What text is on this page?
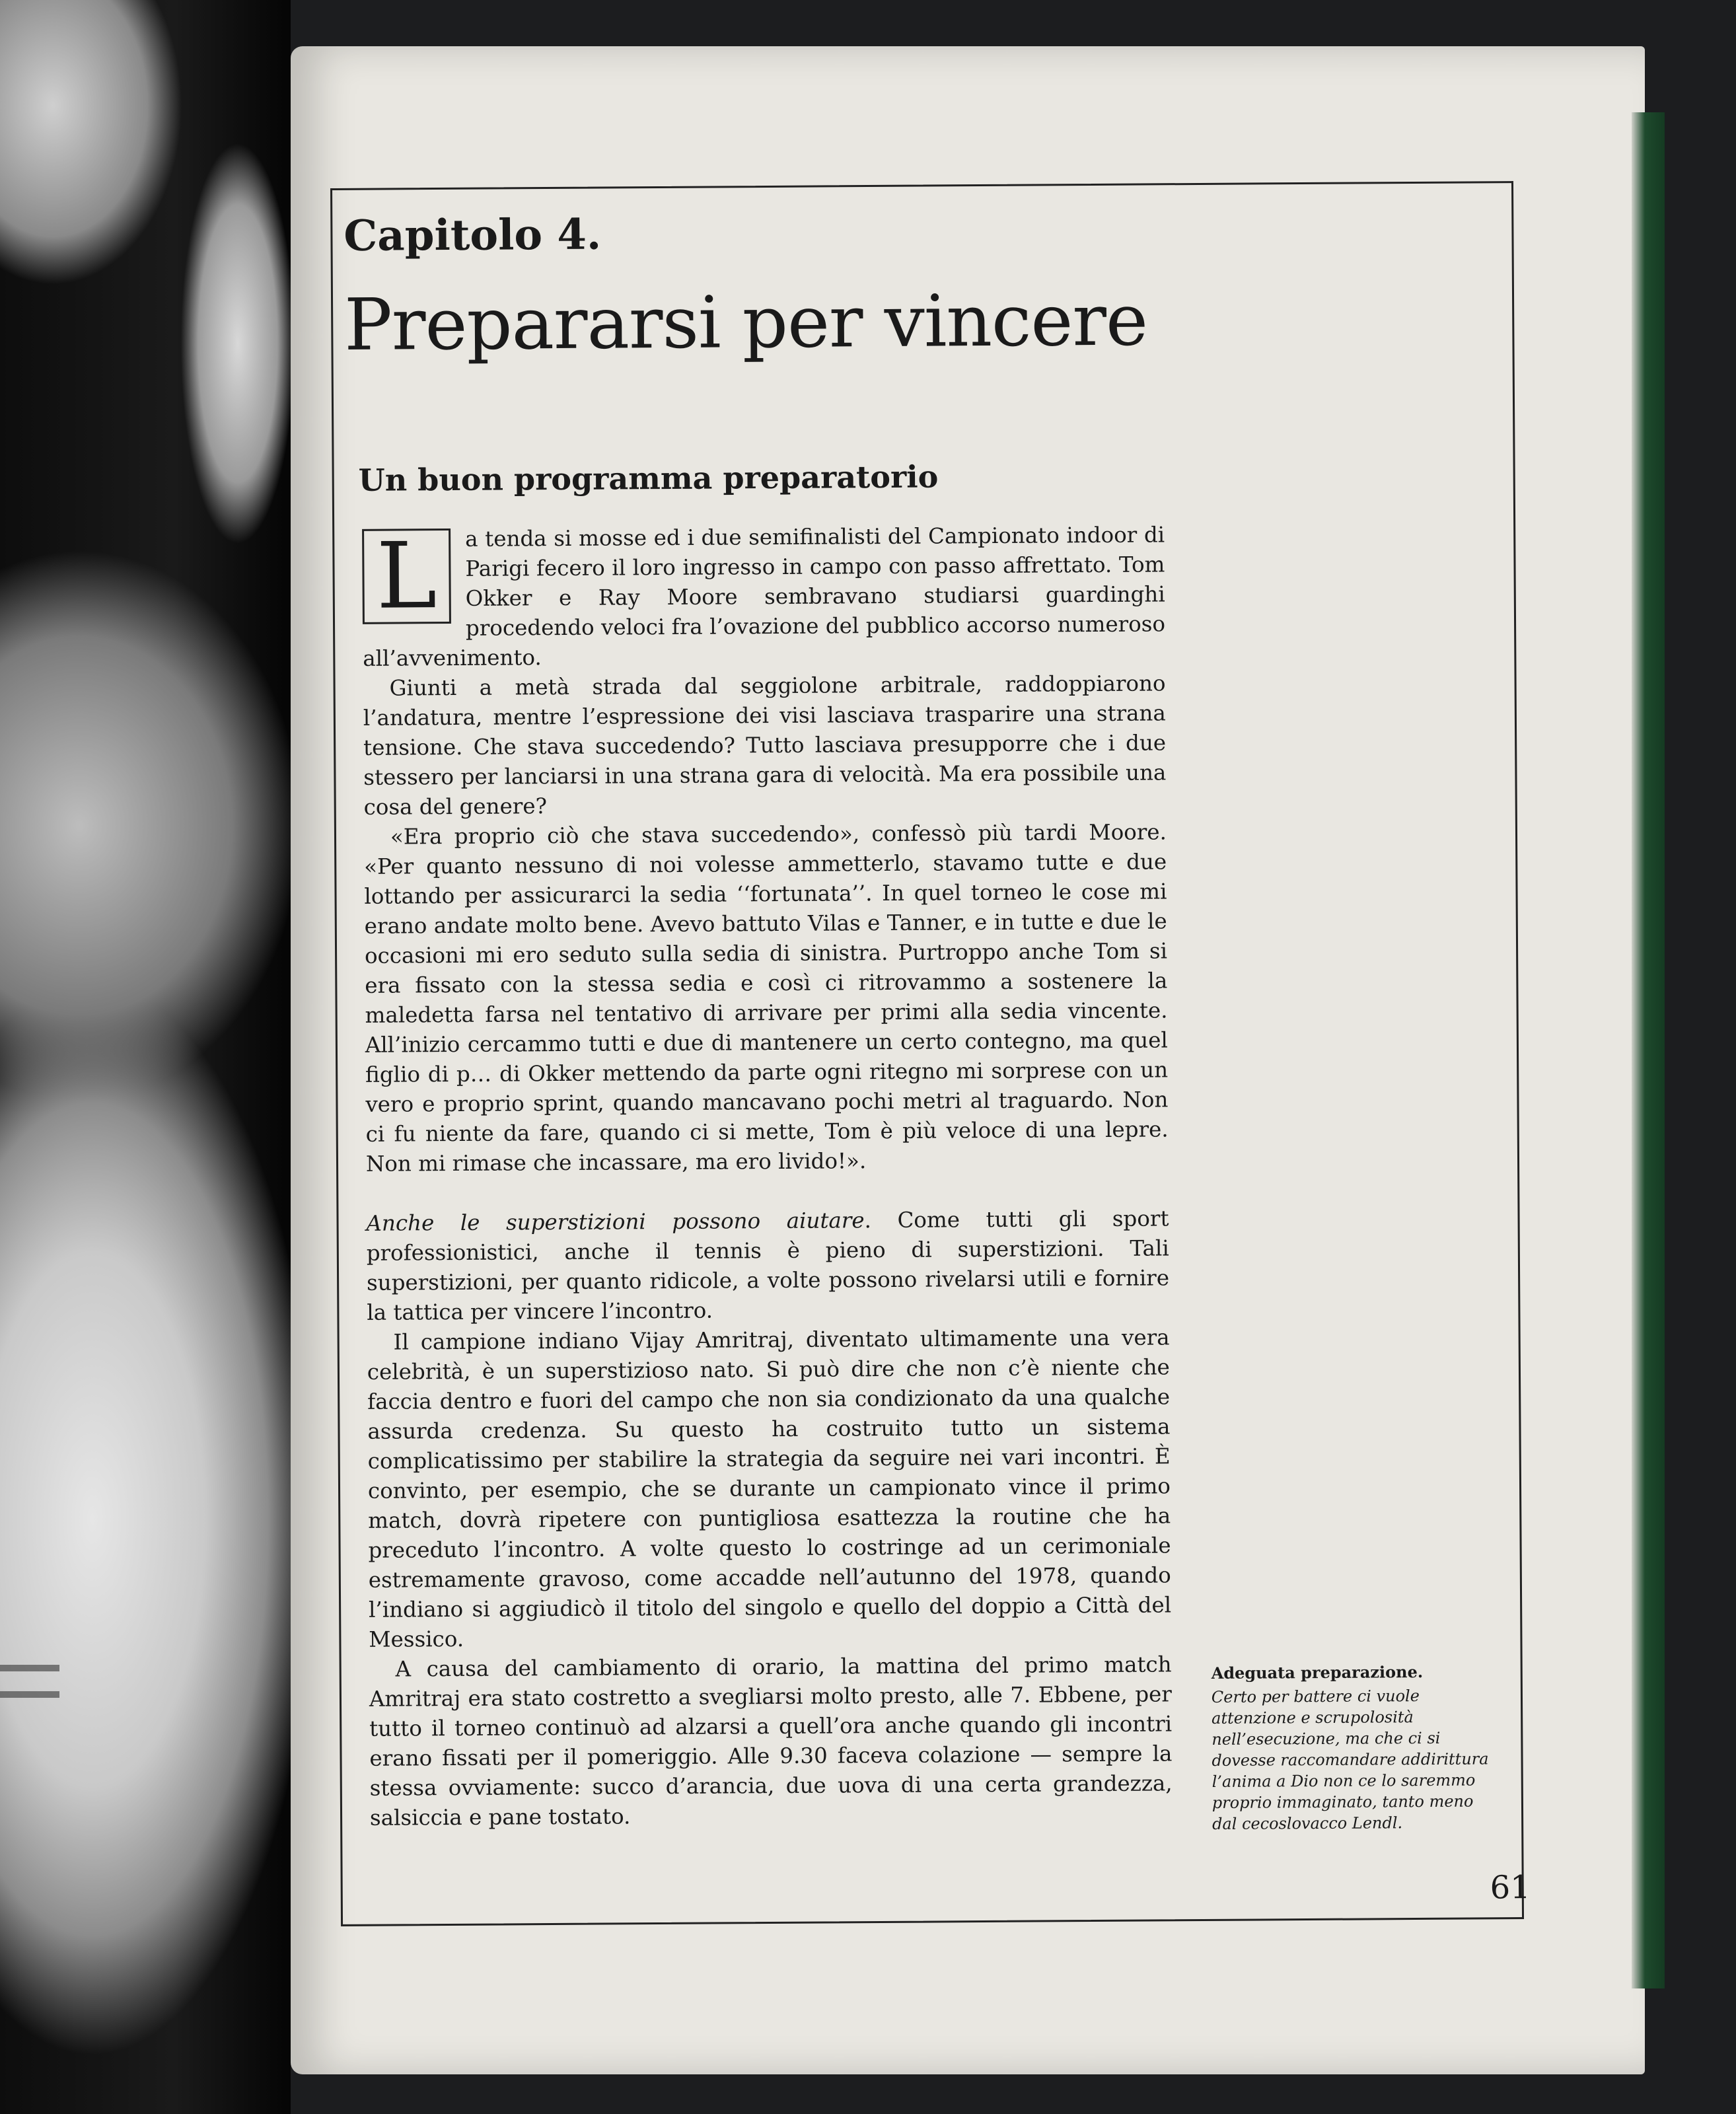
Capitolo 4.
Prepararsi per vincere
Un buon programma preparatorio

L	a tenda si mosse ed i due semifinalisti del Campionato indoor di Parigi fecero il loro ingresso in campo con passo affrettato. Tom Okker e Ray Moore sembravano studiarsi guardinghi procedendo veloci fra l’ovazione del pubblico accorso numeroso all’avvenimento.

Giunti a metà strada dal seggiolone arbitrale, raddoppiarono l’andatura, mentre l’espressione dei visi lasciava trasparire una strana tensione. Che stava succedendo? Tutto lasciava presupporre che i due stessero per lanciarsi in una strana gara di velocità. Ma era possibile una cosa del genere?

«Era proprio ciò che stava succedendo», confessò più tardi Moore. «Per quanto nessuno di noi volesse ammetterlo, stavamo tutte e due lottando per assicurarci la sedia ‘‘fortunata’’. In quel torneo le cose mi erano andate molto bene. Avevo battuto Vilas e Tanner, e in tutte e due le occasioni mi ero seduto sulla sedia di sinistra. Purtroppo anche Tom si era fissato con la stessa sedia e così ci ritrovammo a sostenere la maledetta farsa nel tentativo di arrivare per primi alla sedia vincente. All’inizio cercammo tutti e due di mantenere un certo contegno, ma quel figlio di p… di Okker mettendo da parte ogni ritegno mi sorprese con un vero e proprio sprint, quando mancavano pochi metri al traguardo. Non ci fu niente da fare, quando ci si mette, Tom è più veloce di una lepre. Non mi rimase che incassare, ma ero livido!».

Anche le superstizioni possono aiutare. Come tutti gli sport professionistici, anche il tennis è pieno di superstizioni. Tali superstizioni, per quanto ridicole, a volte possono rivelarsi utili e fornire la tattica per vincere l’incontro.

Il campione indiano Vijay Amritraj, diventato ultimamente una vera celebrità, è un superstizioso nato. Si può dire che non c’è niente che faccia dentro e fuori del campo che non sia condizionato da una qualche assurda credenza. Su questo ha costruito tutto un sistema complicatissimo per stabilire la strategia da seguire nei vari incontri. È convinto, per esempio, che se durante un campionato vince il primo match, dovrà ripetere con puntigliosa esattezza la routine che ha preceduto l’incontro. A volte questo lo costringe ad un cerimoniale estremamente gravoso, come accadde nell’autunno del 1978, quando l’indiano si aggiudicò il titolo del singolo e quello del doppio a Città del Messico.

A causa del cambiamento di orario, la mattina del primo match Amritraj era stato costretto a svegliarsi molto presto, alle 7. Ebbene, per tutto il torneo continuò ad alzarsi a quell’ora anche quando gli incontri erano fissati per il pomeriggio. Alle 9.30 faceva colazione — sempre la stessa ovviamente: succo d’arancia, due uova di una certa grandezza, salsiccia e pane tostato.

Adeguata preparazione.
Certo per battere ci vuole attenzione e scrupolosità nell’esecuzione, ma che ci si dovesse raccomandare addirittura l’anima a Dio non ce lo saremmo proprio immaginato, tanto meno dal cecoslovacco Lendl.
61
